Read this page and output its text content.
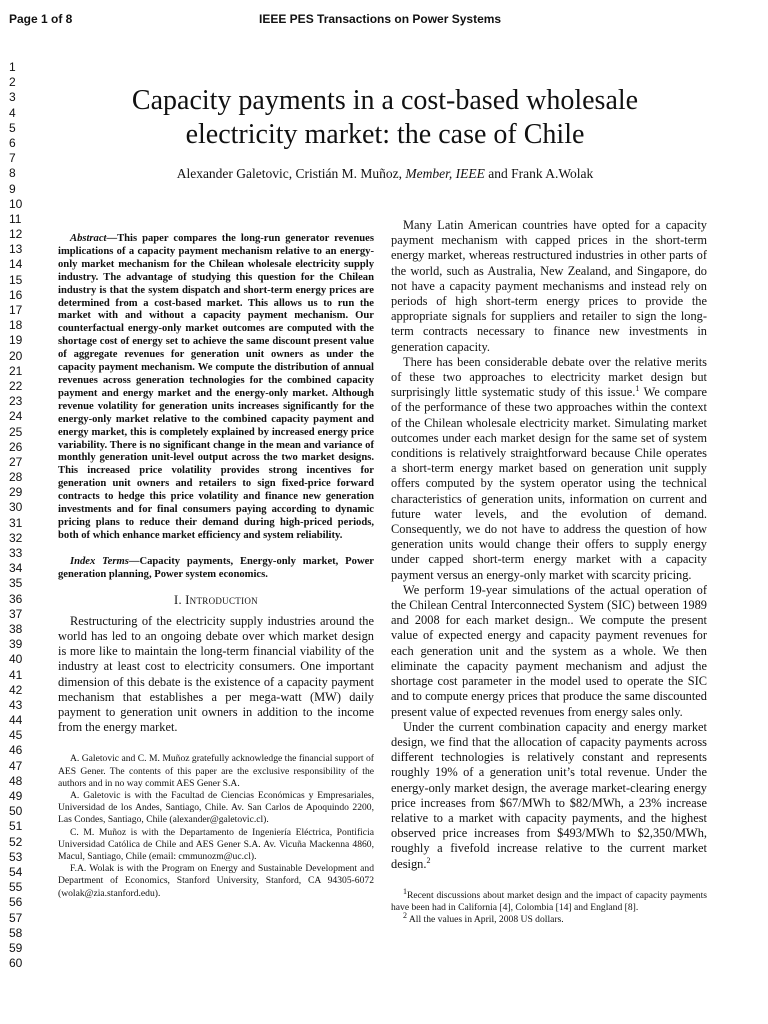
Page 1 of 8	IEEE PES Transactions on Power Systems
1
2
3
4
5
6
7
8
9
10
11
12
13
14
15
16
17
18
19
20
21
22
23
24
25
26
27
28
29
30
31
32
33
34
35
36
37
38
39
40
41
42
43
44
45
46
47
48
49
50
51
52
53
54
55
56
57
58
59
60
Capacity payments in a cost-based wholesale
electricity market: the case of Chile
Alexander Galetovic, Cristián M. Muñoz, Member, IEEE and Frank A.Wolak

Abstract—This paper compares the long-run generator revenues implications of a capacity payment mechanism relative to an energy-only market mechanism for the Chilean wholesale electricity supply industry. The advantage of studying this question for the Chilean industry is that the system dispatch and short-term energy prices are determined from a cost-based market. This allows us to run the market with and without a capacity payment mechanism. Our counterfactual energy-only market outcomes are computed with the shortage cost of energy set to achieve the same discount present value of aggregate revenues for generation unit owners as under the capacity payment mechanism. We compute the distribution of annual revenues across generation technologies for the combined capacity payment and energy market and the energy-only market. Although revenue volatility for generation units increases significantly for the energy-only market relative to the combined capacity payment and energy market, this is completely explained by increased energy price variability. There is no significant change in the mean and variance of monthly generation unit-level output across the two market designs. This increased price volatility provides strong incentives for generation unit owners and retailers to sign fixed-price forward contracts to hedge this price volatility and finance new generation investments and for final consumers paying according to dynamic pricing plans to reduce their demand during high-priced periods, both of which enhance market efficiency and system reliability.

Index Terms—Capacity payments, Energy-only market, Power generation planning, Power system economics.

I. Introduction

Restructuring of the electricity supply industries around the world has led to an ongoing debate over which market design is more like to maintain the long-term financial viability of the industry at least cost to electricity consumers. One important dimension of this debate is the existence of a capacity payment mechanism that establishes a per mega-watt (MW) daily payment to generation unit owners in addition to the income from the energy market.

A. Galetovic and C. M. Muñoz gratefully acknowledge the financial support of AES Gener. The contents of this paper are the exclusive responsibility of the authors and in no way commit AES Gener S.A.

A. Galetovic is with the Facultad de Ciencias Económicas y Empresariales, Universidad de los Andes, Santiago, Chile. Av. San Carlos de Apoquindo 2200, Las Condes, Santiago, Chile (alexander@galetovic.cl).

C. M. Muñoz is with the Departamento de Ingeniería Eléctrica, Pontificia Universidad Católica de Chile and AES Gener S.A. Av. Vicuña Mackenna 4860, Macul, Santiago, Chile (email: cmmunozm@uc.cl).

F.A. Wolak is with the Program on Energy and Sustainable Development and Department of Economics, Stanford University, Stanford, CA 94305-6072 (wolak@zia.stanford.edu).

Many Latin American countries have opted for a capacity payment mechanism with capped prices in the short-term energy market, whereas restructured industries in other parts of the world, such as Australia, New Zealand, and Singapore, do not have a capacity payment mechanisms and instead rely on periods of high short-term energy prices to provide the appropriate signals for suppliers and retailer to sign the long-term contracts necessary to finance new investments in generation capacity.

There has been considerable debate over the relative merits of these two approaches to electricity market design but surprisingly little systematic study of this issue.$^1$ We compare of the performance of these two approaches within the context of the Chilean wholesale electricity market. Simulating market outcomes under each market design for the same set of system conditions is relatively straightforward because Chile operates a short-term energy market based on generation unit supply offers computed by the system operator using the technical characteristics of generation units, information on current and future water levels, and the evolution of demand. Consequently, we do not have to address the question of how generation units would change their offers to supply energy under capped short-term energy market with a capacity payment versus an energy-only market with scarcity pricing.

We perform 19-year simulations of the actual operation of the Chilean Central Interconnected System (SIC) between 1989 and 2008 for each market design.. We compute the present value of expected energy and capacity payment revenues for each generation unit and the system as a whole. We then eliminate the capacity payment mechanism and adjust the shortage cost parameter in the model used to operate the SIC and to compute energy prices that produce the same discounted present value of expected revenues from energy sales only.

Under the current combination capacity and energy market design, we find that the allocation of capacity payments across different technologies is relatively constant and represents roughly 19% of a generation unit’s total revenue. Under the energy-only market design, the average market-clearing energy price increases from $67/MWh to $82/MWh, a 23% increase relative to a market with capacity payments, and the highest observed price increases from $493/MWh to $2,350/MWh, roughly a fivefold increase relative to the current market design.$^2$

$^1$Recent discussions about market design and the impact of capacity payments have been had in California [4], Colombia [14] and England [8].

$^2$ All the values in April, 2008 US dollars.
